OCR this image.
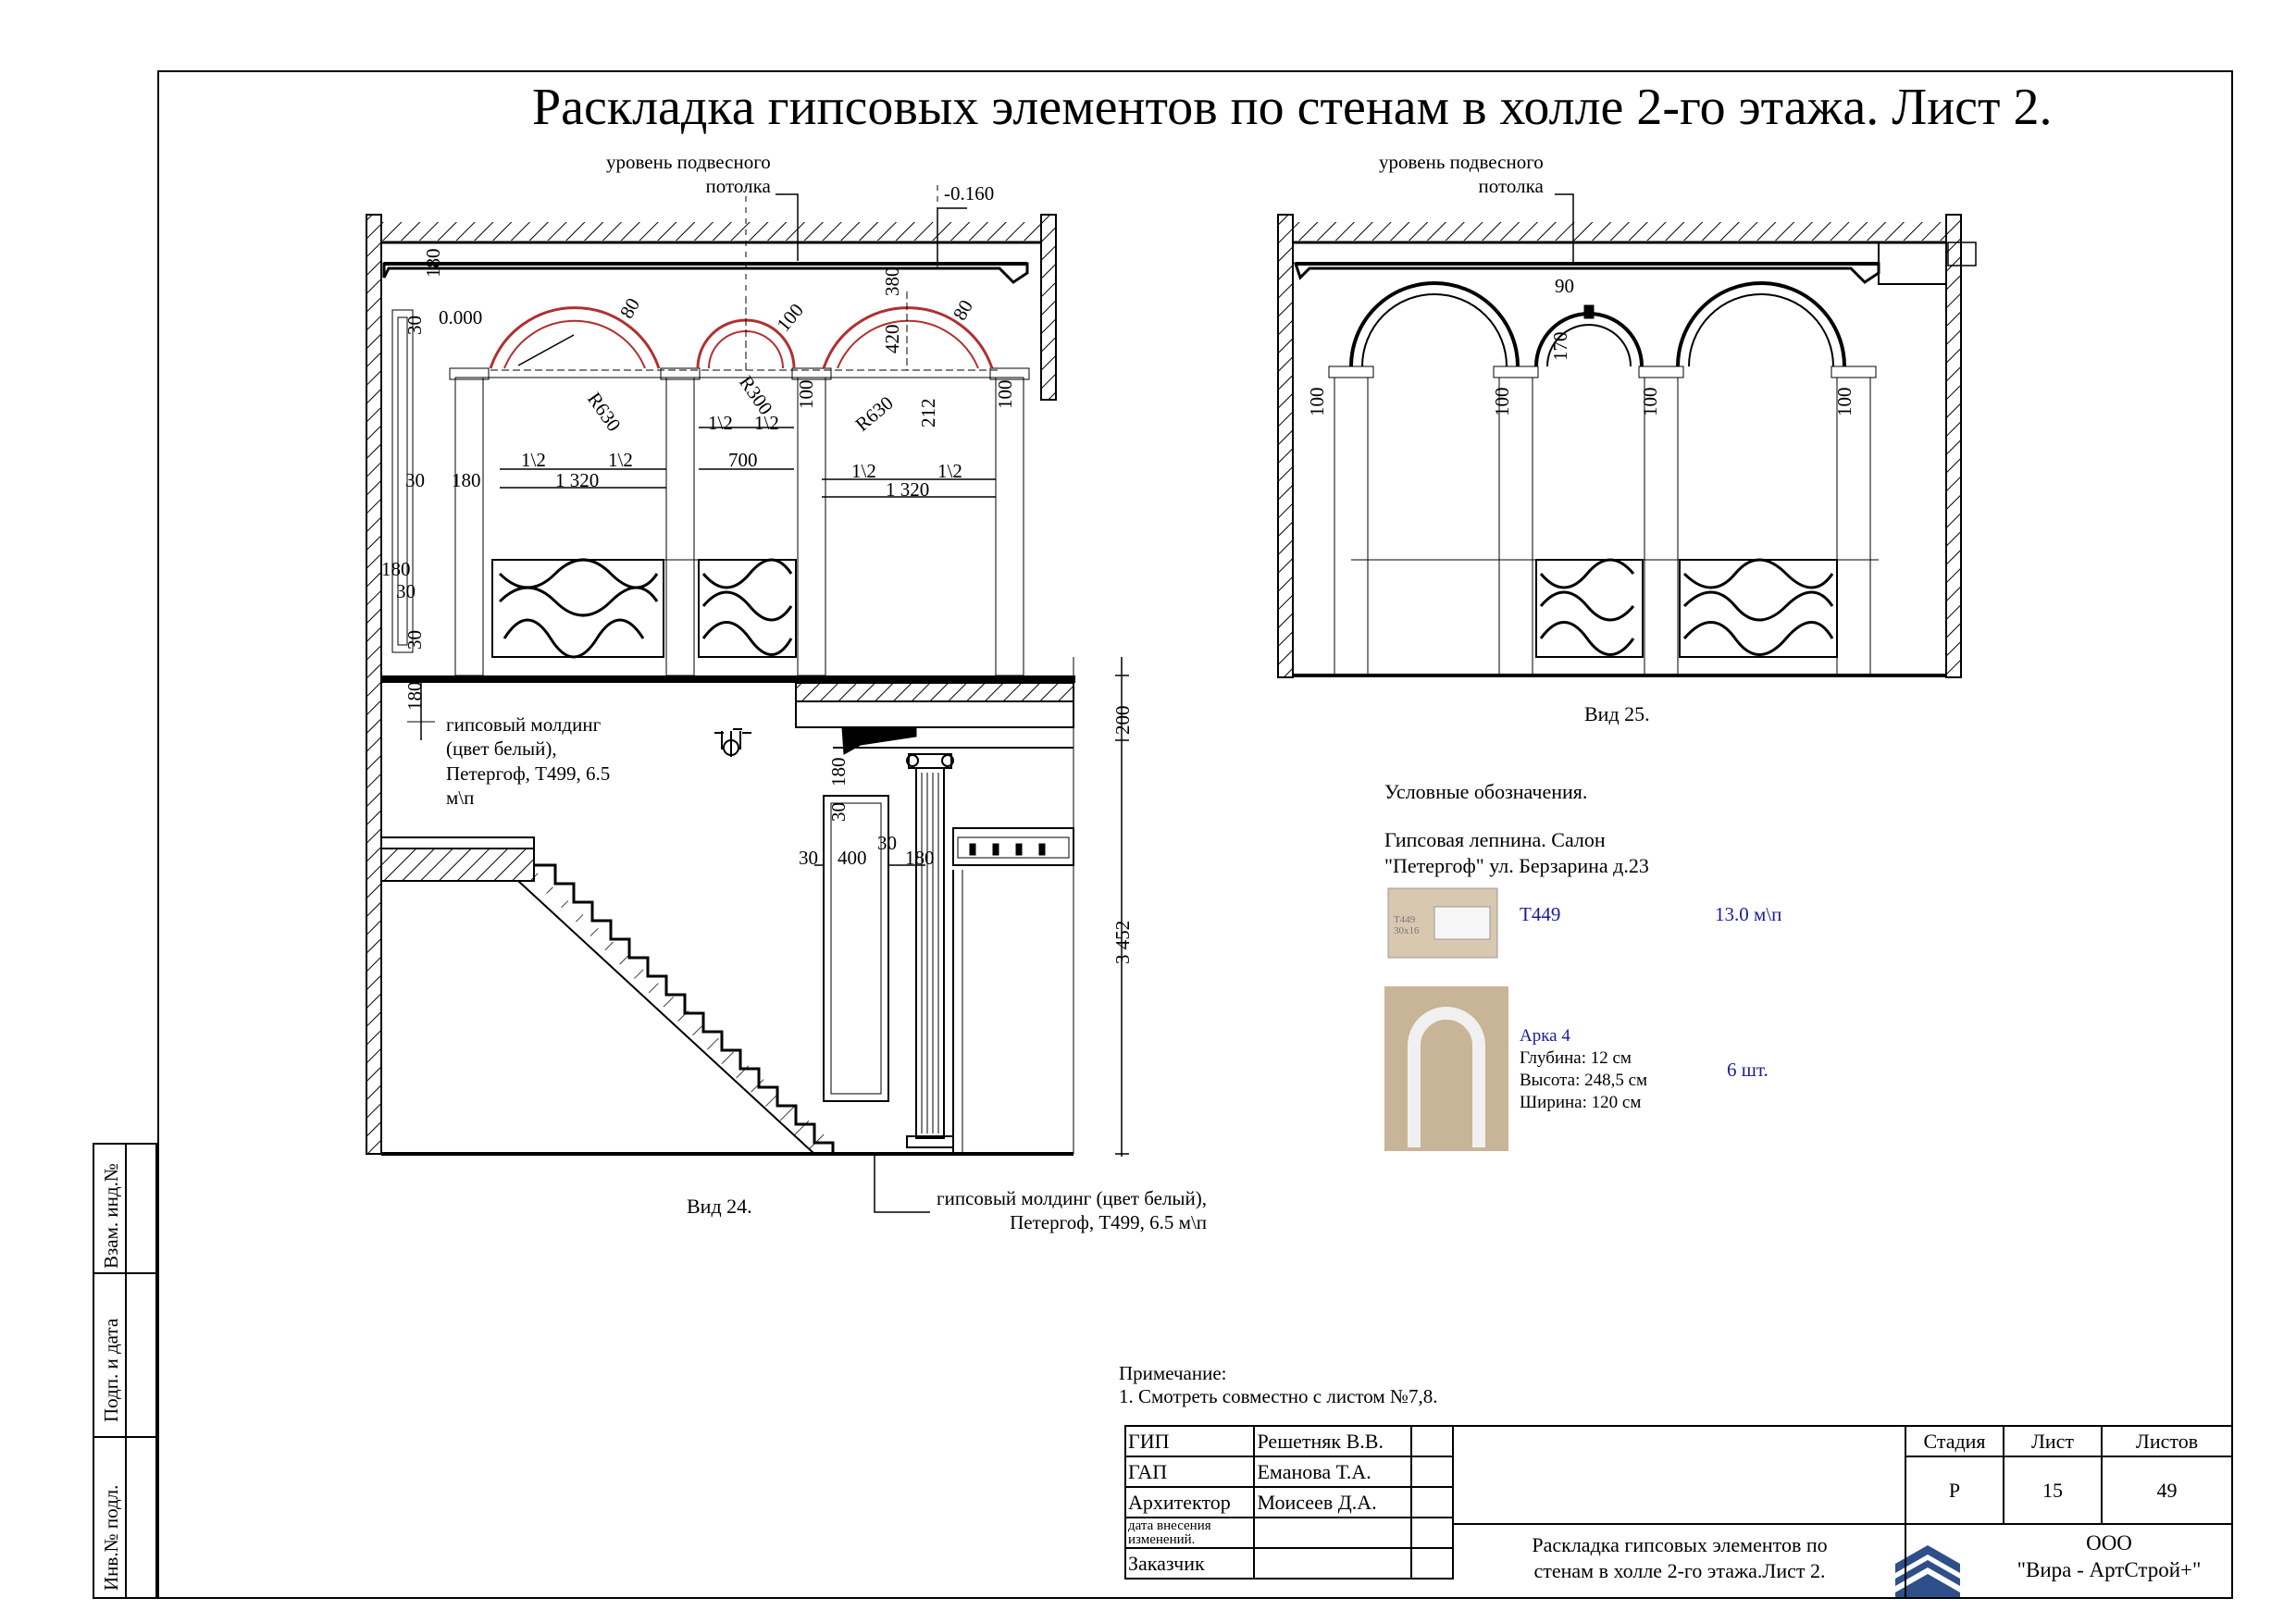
Раскладка гипсовых элементов по стенам в холле 2-го этажа. Лист 2.
уровень подвесного
потолка	-0.160
0.000
180
30
80	100
380
80
420
R630	R300	R630 212
100	100
1\2	1\2
1\2 1\2
1\2	1\2
1 320
700
1 320
30 180
180
30
30
180
200
3 452
180
30
30 400
30
180
гипсовый молдинг
(цвет белый),
Петергоф, Т499, 6.5
м\п
гипсовый молдинг (цвет белый),
Петергоф, Т499, 6.5 м\п
Вид 24.
уровень подвесного
потолка
90
170
100	100	100	100
Вид 25.
Условные обозначения.
Гипсовая лепнина. Салон
"Петергоф" ул. Берзарина д.23
T449
30x16
Т449	13.0 м\п
Арка 4
Глубина: 12 см
Высота: 248,5 см
Ширина: 120 см
6 шт.
Примечание:
1. Смотреть совместно с листом №7,8.
Взам. инд.№
Подп. и дата
Инв.№ подл.
ГИП	Решетняк В.В.	
ГАП	Еманова Т.А.	
Архитектор	Моисеев Д.А.	
дата внесения изменений.		
Заказчик		
Стадия	Лист	Листов
Р	15	49
Раскладка гипсовых элементов по
стенам в холле 2-го этажа.Лист 2.
ООО
"Вира - АртСтрой+"
